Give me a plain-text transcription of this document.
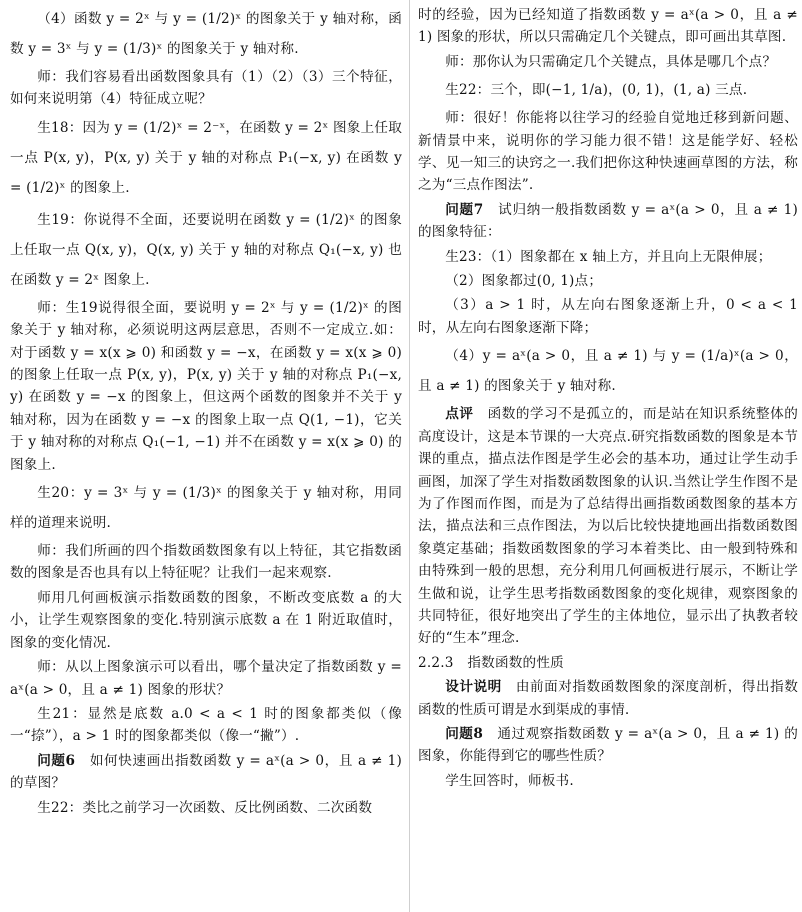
（4）函数 y = 2ˣ 与 y = (1/2)ˣ 的图象关于 y 轴对称，函数 y = 3ˣ 与 y = (1/3)ˣ 的图象关于 y 轴对称.

师：我们容易看出函数图象具有（1）（2）（3）三个特征，如何来说明第（4）特征成立呢？

生18：因为 y = (1/2)ˣ = 2⁻ˣ，在函数 y = 2ˣ 图象上任取一点 P(x, y)，P(x, y) 关于 y 轴的对称点 P₁(−x, y) 在函数 y = (1/2)ˣ 的图象上.

生19：你说得不全面，还要说明在函数 y = (1/2)ˣ 的图象上任取一点 Q(x, y)，Q(x, y) 关于 y 轴的对称点 Q₁(−x, y) 也在函数 y = 2ˣ 图象上.

师：生19说得很全面，要说明 y = 2ˣ 与 y = (1/2)ˣ 的图象关于 y 轴对称，必须说明这两层意思，否则不一定成立.如：对于函数 y = x(x ⩾ 0) 和函数 y = −x，在函数 y = x(x ⩾ 0) 的图象上任取一点 P(x, y)，P(x, y) 关于 y 轴的对称点 P₁(−x, y) 在函数 y = −x 的图象上，但这两个函数的图象并不关于 y 轴对称，因为在函数 y = −x 的图象上取一点 Q(1, −1)，它关于 y 轴对称的对称点 Q₁(−1, −1) 并不在函数 y = x(x ⩾ 0) 的图象上.

生20：y = 3ˣ 与 y = (1/3)ˣ 的图象关于 y 轴对称，用同样的道理来说明.

师：我们所画的四个指数函数图象有以上特征，其它指数函数的图象是否也具有以上特征呢？让我们一起来观察.

师用几何画板演示指数函数的图象，不断改变底数 a 的大小，让学生观察图象的变化.特别演示底数 a 在 1 附近取值时，图象的变化情况.

师：从以上图象演示可以看出，哪个量决定了指数函数 y = aˣ(a > 0，且 a ≠ 1) 图象的形状？

生21：显然是底数 a.0 < a < 1 时的图象都类似（像一“捺”），a > 1 时的图象都类似（像一“撇”）.

问题6　 如何快速画出指数函数 y = aˣ(a > 0，且 a ≠ 1) 的草图？

生22：类比之前学习一次函数、反比例函数、二次函数

时的经验，因为已经知道了指数函数 y = aˣ(a > 0，且 a ≠ 1) 图象的形状，所以只需确定几个关键点，即可画出其草图.

师：那你认为只需确定几个关键点，具体是哪几个点？

生22：三个，即(−1, 1/a)，(0, 1)，(1, a) 三点.

师：很好！你能将以往学习的经验自觉地迁移到新问题、新情景中来，说明你的学习能力很不错！这是能学好、轻松学、见一知三的诀窍之一.我们把你这种快速画草图的方法，称之为“三点作图法”.

问题7　 试归纳一般指数函数 y = aˣ(a > 0，且 a ≠ 1) 的图象特征：

生23：（1）图象都在 x 轴上方，并且向上无限伸展；

（2）图象都过(0, 1)点；

（3）a > 1 时，从左向右图象逐渐上升，0 < a < 1 时，从左向右图象逐渐下降；

（4）y = aˣ(a > 0，且 a ≠ 1) 与 y = (1/a)ˣ(a > 0，且 a ≠ 1) 的图象关于 y 轴对称.

点评　 函数的学习不是孤立的，而是站在知识系统整体的高度设计，这是本节课的一大亮点.研究指数函数的图象是本节课的重点，描点法作图是学生必会的基本功，通过让学生动手画图，加深了学生对指数函数图象的认识.当然让学生作图不是为了作图而作图，而是为了总结得出画指数函数图象的基本方法，描点法和三点作图法，为以后比较快捷地画出指数函数图象奠定基础；指数函数图象的学习本着类比、由一般到特殊和由特殊到一般的思想，充分利用几何画板进行展示，不断让学生做和说，让学生思考指数函数图象的变化规律，观察图象的共同特征，很好地突出了学生的主体地位，显示出了执教者较好的“生本”理念.

2.2.3　指数函数的性质

设计说明　 由前面对指数函数图象的深度剖析，得出指数函数的性质可谓是水到渠成的事情.

问题8　 通过观察指数函数 y = aˣ(a > 0，且 a ≠ 1) 的图象，你能得到它的哪些性质？

学生回答时，师板书.
